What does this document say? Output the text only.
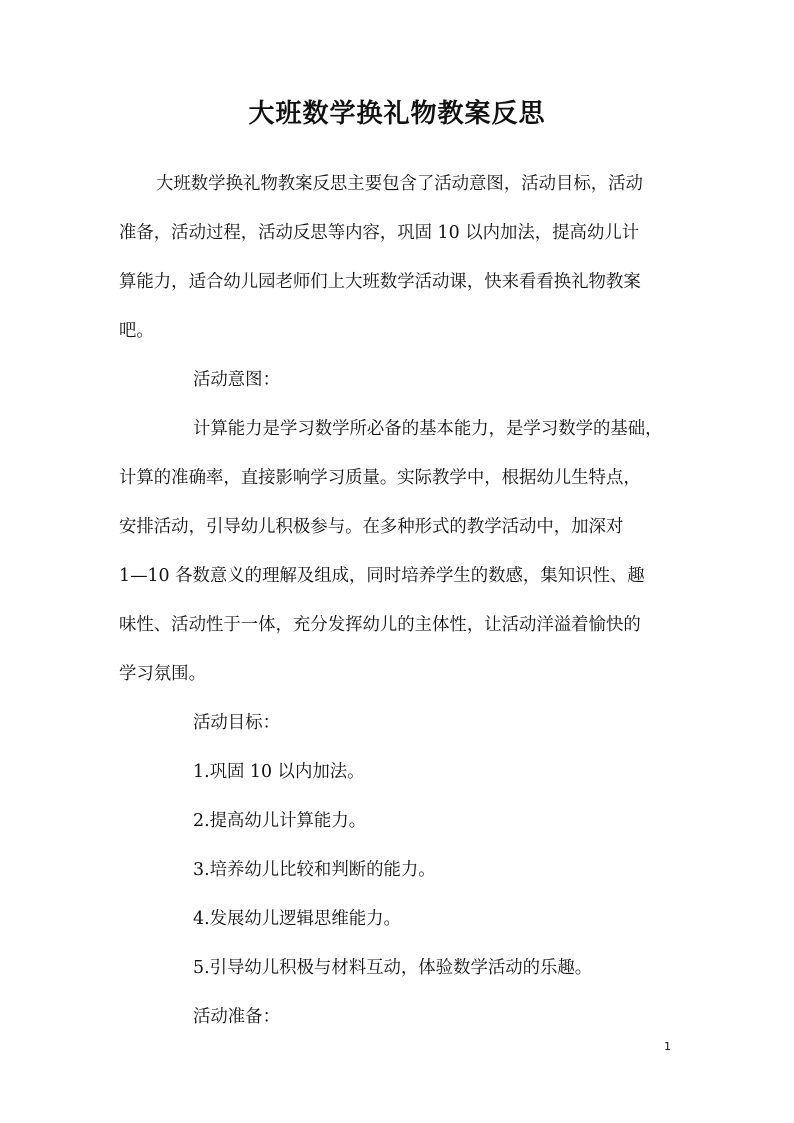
大班数学换礼物教案反思
大班数学换礼物教案反思主要包含了活动意图，活动目标，活动
准备，活动过程，活动反思等内容，巩固 10 以内加法，提高幼儿计
算能力，适合幼儿园老师们上大班数学活动课，快来看看换礼物教案
吧。
活动意图：
计算能力是学习数学所必备的基本能力，是学习数学的基础，
计算的准确率，直接影响学习质量。实际教学中，根据幼儿生特点，
安排活动，引导幼儿积极参与。在多种形式的教学活动中，加深对
1—10 各数意义的理解及组成，同时培养学生的数感，集知识性、趣
味性、活动性于一体，充分发挥幼儿的主体性，让活动洋溢着愉快的
学习氛围。
活动目标：
1.巩固 10 以内加法。
2.提高幼儿计算能力。
3.培养幼儿比较和判断的能力。
4.发展幼儿逻辑思维能力。
5.引导幼儿积极与材料互动，体验数学活动的乐趣。
活动准备：
1
